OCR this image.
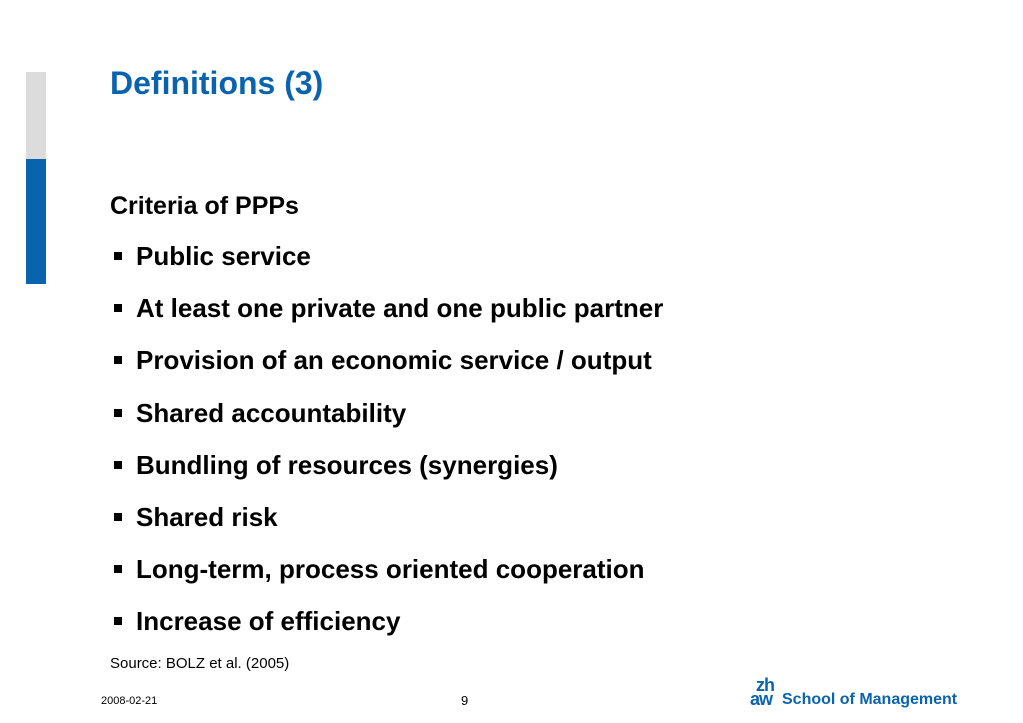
Definitions (3)
Criteria of PPPs
Public service
At least one private and one public partner
Provision of an economic service / output
Shared accountability
Bundling of resources (synergies)
Shared risk
Long-term, process oriented cooperation
Increase of efficiency
Source: BOLZ et al. (2005)
2008-02-21	9
zh
aw School of Management
